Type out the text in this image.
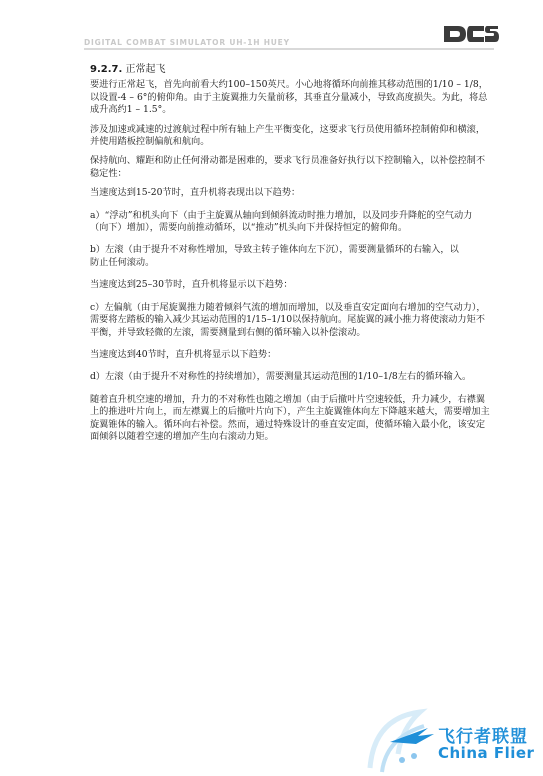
DIGITAL COMBAT SIMULATOR UH-1H HUEY
9.2.7. 正常起飞

要进行正常起飞，首先向前看大约100–150英尺。小心地将循环向前推其移动范围的1/10 – 1/8，以设置-4 – 6°的俯仰角。由于主旋翼推力矢量前移，其垂直分量减小，导致高度损失。为此，将总成升高约1 – 1.5°。

涉及加速或减速的过渡航过程中所有轴上产生平衡变化，这要求飞行员使用循环控制俯仰和横滚，并使用踏板控制偏航和航向。

保持航向、耀距和防止任何滑动都是困难的，要求飞行员准备好执行以下控制输入，以补偿控制不稳定性：

当速度达到15-20节时，直升机将表现出以下趋势：

a）“浮动”和机头向下（由于主旋翼从轴向到倾斜流动时推力增加，以及同步升降舵的空气动力（向下）增加），需要向前推动循环，以“推动”机头向下并保持恒定的俯仰角。

b）左滚（由于提升不对称性增加，导致主转子锥体向左下沉），需要测量循环的右输入，以
防止任何滚动。

当速度达到25–30节时，直升机将显示以下趋势：

c）左偏航（由于尾旋翼推力随着倾斜气流的增加而增加，以及垂直安定面向右增加的空气动力），需要将左踏板的输入减少其运动范围的1/15–1/10以保持航向。尾旋翼的减小推力将使滚动力矩不平衡，并导致轻微的左滚，需要测量到右侧的循环输入以补偿滚动。

当速度达到40节时，直升机将显示以下趋势：

d）左滚（由于提升不对称性的持续增加），需要测量其运动范围的1/10–1/8左右的循环输入。

随着直升机空速的增加，升力的不对称性也随之增加（由于后撤叶片空速较低，升力减少，右襟翼上的推进叶片向上，而左襟翼上的后撤叶片向下），产生主旋翼锥体向左下降越来越大，需要增加主旋翼锥体的输入。循环向右补偿。然而，通过特殊设计的垂直安定面，使循环输入最小化，该安定面倾斜以随着空速的增加产生向右滚动力矩。

飞行者联盟
China Flier
